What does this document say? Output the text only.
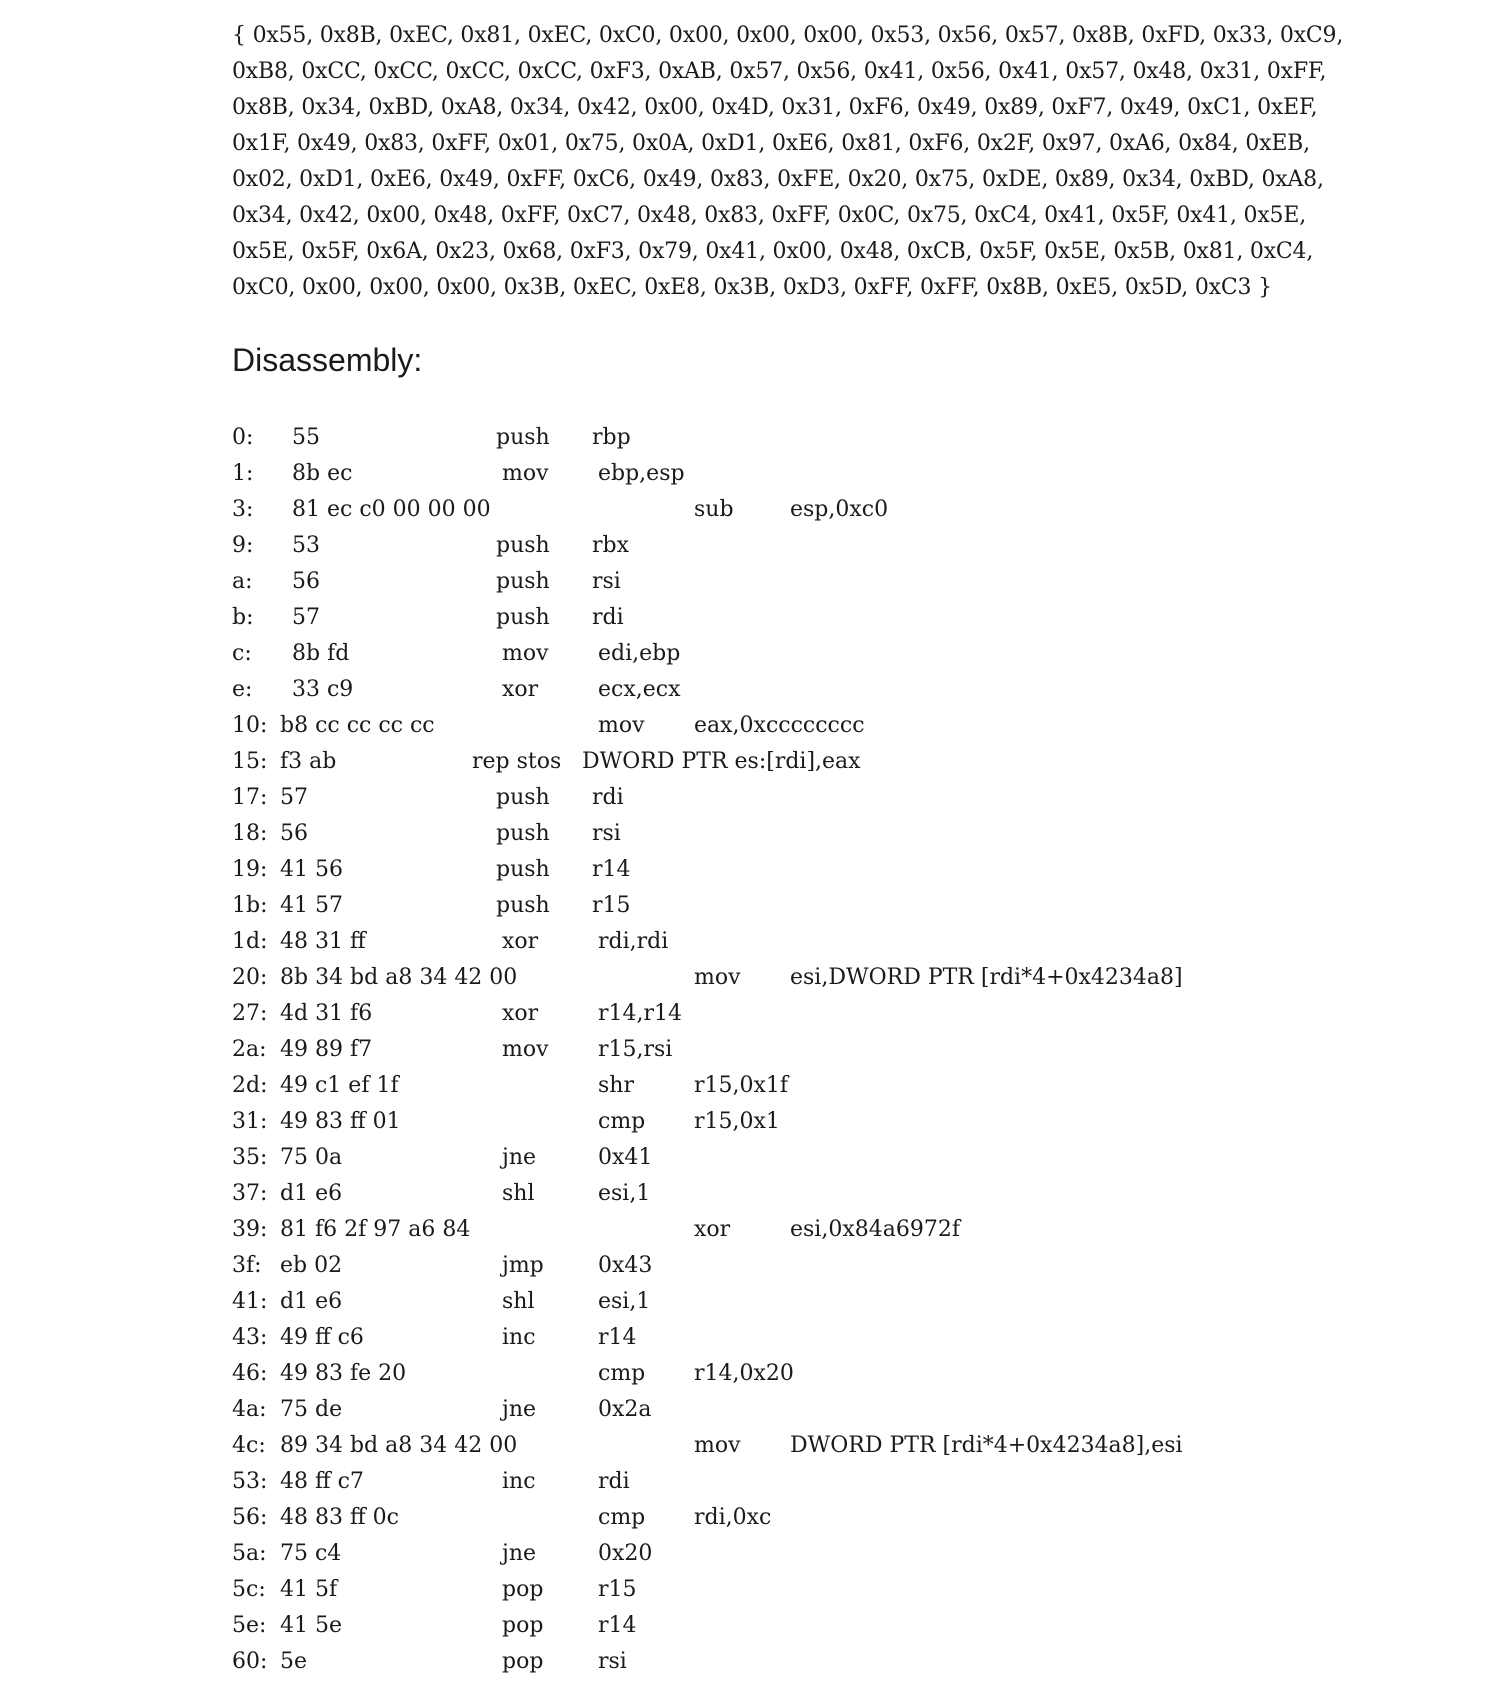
{ 0x55, 0x8B, 0xEC, 0x81, 0xEC, 0xC0, 0x00, 0x00, 0x00, 0x53, 0x56, 0x57, 0x8B, 0xFD, 0x33, 0xC9,
0xB8, 0xCC, 0xCC, 0xCC, 0xCC, 0xF3, 0xAB, 0x57, 0x56, 0x41, 0x56, 0x41, 0x57, 0x48, 0x31, 0xFF,
0x8B, 0x34, 0xBD, 0xA8, 0x34, 0x42, 0x00, 0x4D, 0x31, 0xF6, 0x49, 0x89, 0xF7, 0x49, 0xC1, 0xEF,
0x1F, 0x49, 0x83, 0xFF, 0x01, 0x75, 0x0A, 0xD1, 0xE6, 0x81, 0xF6, 0x2F, 0x97, 0xA6, 0x84, 0xEB,
0x02, 0xD1, 0xE6, 0x49, 0xFF, 0xC6, 0x49, 0x83, 0xFE, 0x20, 0x75, 0xDE, 0x89, 0x34, 0xBD, 0xA8,
0x34, 0x42, 0x00, 0x48, 0xFF, 0xC7, 0x48, 0x83, 0xFF, 0x0C, 0x75, 0xC4, 0x41, 0x5F, 0x41, 0x5E,
0x5E, 0x5F, 0x6A, 0x23, 0x68, 0xF3, 0x79, 0x41, 0x00, 0x48, 0xCB, 0x5F, 0x5E, 0x5B, 0x81, 0xC4,
0xC0, 0x00, 0x00, 0x00, 0x3B, 0xEC, 0xE8, 0x3B, 0xD3, 0xFF, 0xFF, 0x8B, 0xE5, 0x5D, 0xC3 }
Disassembly:
0: 55	push rbp
1: 8b ec	mov ebp,esp
3: 81 ec c0 00 00 00	sub	esp,0xc0
9: 53	push rbx
a: 56	push rsi
b: 57	push rdi
c: 8b fd	mov edi,ebp
e: 33 c9	xor	ecx,ecx
10: b8 cc cc cc cc	mov eax,0xcccccccc
15: f3 ab	rep stos DWORD PTR es:[rdi],eax
17: 57	push rdi
18: 56	push rsi
19: 41 56	push r14
1b: 41 57	push r15
1d: 48 31 ff	xor	rdi,rdi
20: 8b 34 bd a8 34 42 00	mov esi,DWORD PTR [rdi*4+0x4234a8]
27: 4d 31 f6	xor	r14,r14
2a: 49 89 f7	mov r15,rsi
2d: 49 c1 ef 1f	shr	r15,0x1f
31: 49 83 ff 01	cmp r15,0x1
35: 75 0a	jne	0x41
37: d1 e6	shl	esi,1
39: 81 f6 2f 97 a6 84	xor	esi,0x84a6972f
3f: eb 02	jmp 0x43
41: d1 e6	shl	esi,1
43: 49 ff c6	inc	r14
46: 49 83 fe 20	cmp r14,0x20
4a: 75 de	jne	0x2a
4c: 89 34 bd a8 34 42 00	mov DWORD PTR [rdi*4+0x4234a8],esi
53: 48 ff c7	inc	rdi
56: 48 83 ff 0c	cmp rdi,0xc
5a: 75 c4	jne	0x20
5c: 41 5f	pop r15
5e: 41 5e	pop r14
60: 5e	pop rsi
